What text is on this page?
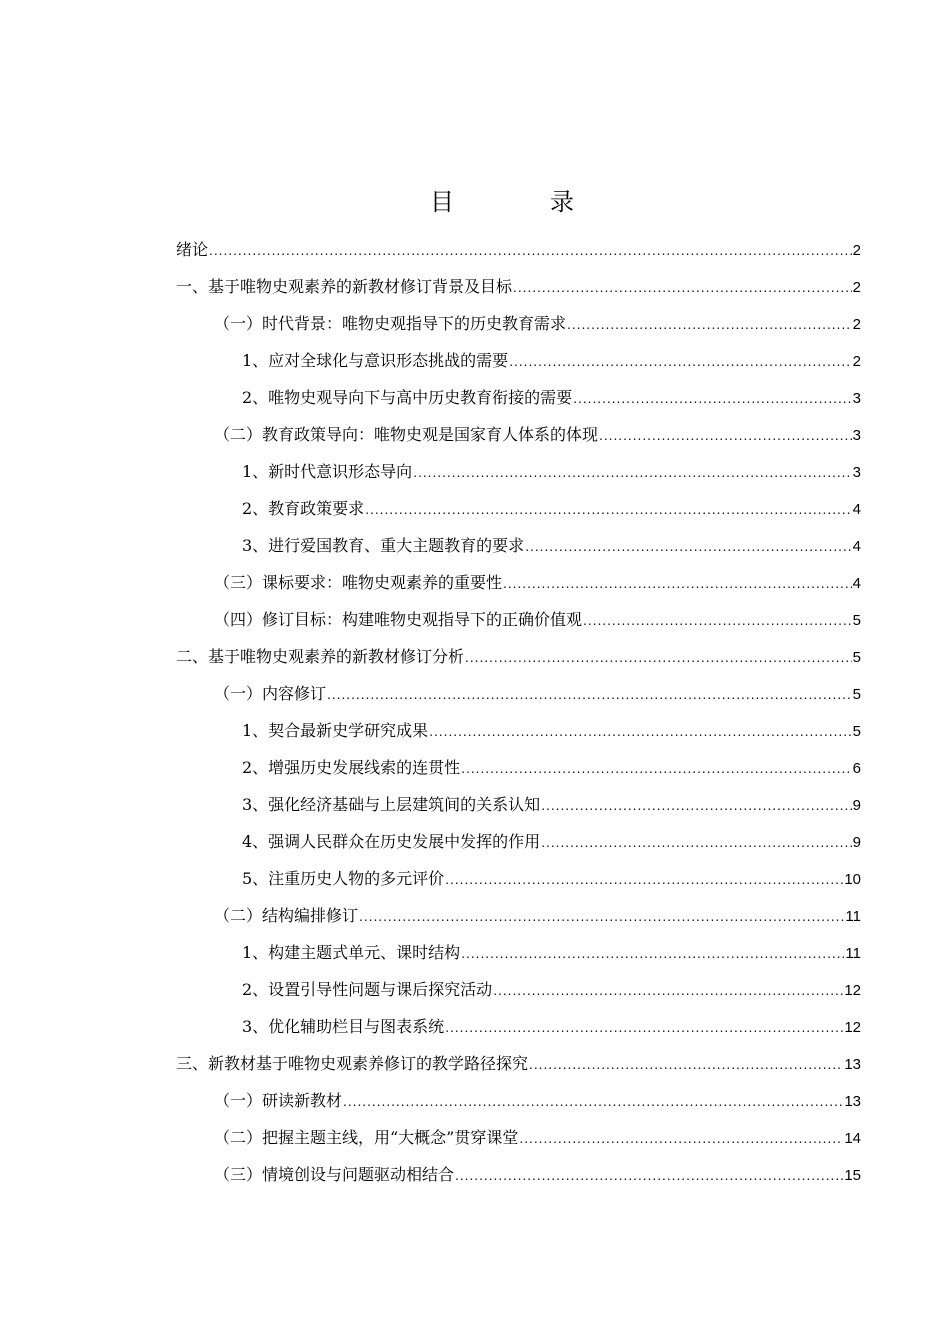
目　录
绪论 .....	2
一、基于唯物史观素养的新教材修订背景及目标 .....	2
（一）时代背景：唯物史观指导下的历史教育需求 .....	2
1、应对全球化与意识形态挑战的需要 .....	2
2、唯物史观导向下与高中历史教育衔接的需要 .....	3
（二）教育政策导向：唯物史观是国家育人体系的体现 .....	3
1、新时代意识形态导向 .....	3
2、教育政策要求 .....	4
3、进行爱国教育、重大主题教育的要求 .....	4
（三）课标要求：唯物史观素养的重要性 .....	4
（四）修订目标：构建唯物史观指导下的正确价值观 .....	5
二、基于唯物史观素养的新教材修订分析 .....	5
（一）内容修订 .....	5
1、契合最新史学研究成果 .....	5
2、增强历史发展线索的连贯性 .....	6
3、强化经济基础与上层建筑间的关系认知 .....	9
4、强调人民群众在历史发展中发挥的作用 .....	9
5、注重历史人物的多元评价 .....	10
（二）结构编排修订 .....	11
1、构建主题式单元、课时结构 .....	11
2、设置引导性问题与课后探究活动 .....	12
3、优化辅助栏目与图表系统 .....	12
三、新教材基于唯物史观素养修订的教学路径探究 .....	13
（一）研读新教材 .....	13
（二）把握主题主线，用“大概念”贯穿课堂 .....	14
（三）情境创设与问题驱动相结合 .....	15
